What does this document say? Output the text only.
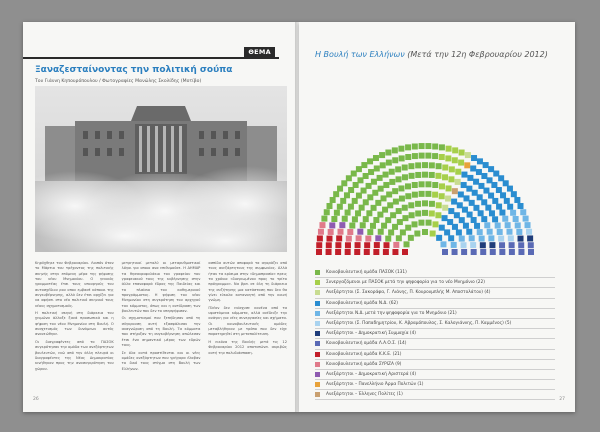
ΘΕΜΑ
Ξαναζεσταίνοντας την πολιτική σούπα
Του Γιάννη Κηπουρόπουλου / Φωτογραφίες Μανώλης Σκολίδης (Μοτίβο)

Κηρύχθηκε του Φεβρουαρίου. Λοιπόν όταν το Μάρτιο του τρέχοντος της πολιτικής σκηνής στην επόμενη μέρα της ψήφισης του νέου Μνημονίου. Ο γενικός γραμματέας έτσι τους υπουργούς του αυτοσχέδιου ρου οπου εμβασέ κάποιοι της συγκυβέρνησης, αλλά δεν έτσι αρχίζει για να αφήσει στο νέο πολιτικό σκηνικό τους νέους σχηματισμούς.

Η πολιτική σκηνή στη διάρκεια του χειμώνα άλλαξε ξανά προσωπικά και η ψήφιση του νέου Μνημονίου στη Βουλή. Ο συσχετισμός των δυνάμεων αυτός ανανεώθηκε.

Οι διαγραφέντες από το ΠΑΣΟΚ συγκρότησαν την ομάδα των ανεξάρτητων βουλευτών, ενώ από την άλλη πλευρά οι διαγραφέντες της Νέας Δημοκρατίας κινήθηκαν προς την ανασυγκρότηση του χώρου.

μετρητικοί μεταλύ οι μεταρυθμιστικοί λόγοι για οποιο ανα επιθυμούσε. Η ΔΗΜΑΡ τα θησαυροφυλάκιο του γραφείου του γραφειακού τους της κυβέρνησης στην άλλα επαναφορά έδρας της Παιδείας και το πλαίσιο του καθημερινού προγράμματος. Η ψήφιση του νέου Μνημονίου στη συγκρότηση του αρχηγού του κόμματος, όπως και η αντίδραση των βουλευτών που δεν το υπερψήφισαν.

Οι σχηματισμοί που ξεπήδησαν από τη σύγκρουση αυτή εξασφάλισαν την αναγνώριση από τη Βουλή. Τα κόμματα που στήριξαν τη συγκυβέρνηση απώλεσαν έτσι ένα σημαντικό μέρος των εδρών τους.

Σε όλα αυτά προστίθενται και οι νέες ομάδες ανεξάρτητων που γρήγορα έλαβαν το δικό τους στίγμα στη Βουλή των Ελλήνων.

ασπίδα αυτών αποφορά τα αγοράζει από τους ανεξάρτητους της συμφωνίας. Αλλά ήταν τα κρίσιμα στην «δημοπρασία» πρεις τα χρόνια «διογκωμένου προς το τρίτο πρόγραμμα». Να βρει σε όλη τη διάρκεια της συζήτησης μια κατάσταση που δεν θα γίνει εύκολα κατανοητή από την κοινή γνώμη.

Πλέον δεν ενίσχυσε κανένα από τα υφιστάμενα κόμματα, αλλά ανέδειξε την ανάγκη για νέες συνεργασίες και σχήματα. Οι κοινοβουλευτικές ομάδες μεταβλήθηκαν με τρόπο που δεν είχε παρατηρηθεί στη μεταπολίτευση.

Η εικόνα της Βουλής μετά τις 12 Φεβρουαρίου 2012 αποτυπώνει ακριβώς αυτή την πολυδιάσπαση.

26
Η Βουλή των Ελλήνων (Μετά την 12η Φεβρουαρίου 2012)
Κοινοβουλευτική ομάδα ΠΑΣΟΚ (131)
Συνεργαζόμενοι με ΠΑΣΟΚ μετά την ψηφοφορία για το νέο Μνημόνιο (22)
Ανεξάρτητοι (Σ. Σακοράφα, Γ. Λιάνης, Π. Κουρουμπλής Μ. Αποστολάτου) (4)
Κοινοβουλευτική ομάδα Ν.Δ. (62)
Ανεξάρτητοι Ν.Δ. μετά την ψηφοφορία για το Μνημόνιο (21)
Ανεξάρτητοι (Σ. Παπαδημητρίου, Κ. Αβραμόπουλος, Σ. Καλογιάννης, Π. Καμμένος) (5)
Ανεξάρτητοι – Δημοκρατική Συμμαχία (4)
Κοινοβουλευτική ομάδα Λ.Α.Ο.Σ. (14)
Κοινοβουλευτική ομάδα Κ.Κ.Ε. (21)
Κοινοβουλευτική ομάδα ΣΥΡΙΖΑ (9)
Ανεξάρτητοι – Δημοκρατική Αριστερά (4)
Ανεξάρτητοι – Πανελλήνιο Άρμα Πολιτών (1)
Ανεξάρτητοι – Έλληνες Πολίτες (1)
27
